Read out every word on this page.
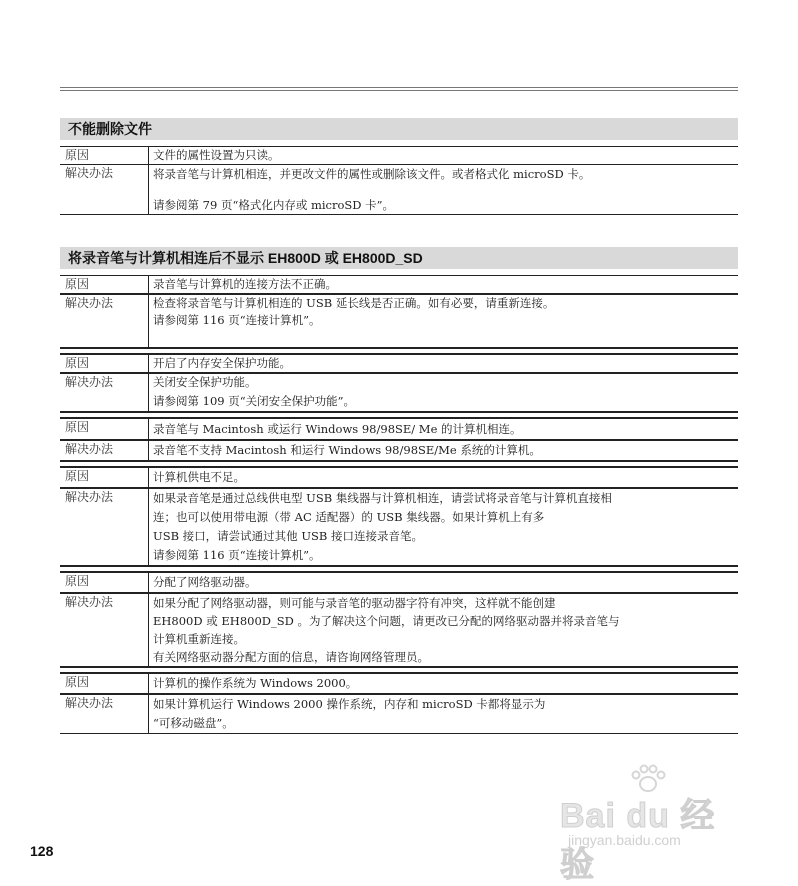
不能删除文件
原因	文件的属性设置为只读。
解决办法	将录音笔与计算机相连，并更改文件的属性或删除该文件。或者格式化 microSD 卡。
请参阅第 79 页“格式化内存或 microSD 卡”。
将录音笔与计算机相连后不显示 EH800D 或 EH800D_SD
原因	录音笔与计算机的连接方法不正确。
解决办法	检查将录音笔与计算机相连的 USB 延长线是否正确。如有必要，请重新连接。
请参阅第 116 页“连接计算机”。
原因	开启了内存安全保护功能。
解决办法	关闭安全保护功能。
请参阅第 109 页“关闭安全保护功能”。
原因	录音笔与 Macintosh 或运行 Windows 98/98SE/ Me 的计算机相连。
解决办法	录音笔不支持 Macintosh 和运行 Windows 98/98SE/Me 系统的计算机。
原因	计算机供电不足。
解决办法	如果录音笔是通过总线供电型 USB 集线器与计算机相连，请尝试将录音笔与计算机直接相
连；也可以使用带电源（带 AC 适配器）的 USB 集线器。如果计算机上有多
USB 接口，请尝试通过其他 USB 接口连接录音笔。
请参阅第 116 页“连接计算机”。
原因	分配了网络驱动器。
解决办法	如果分配了网络驱动器，则可能与录音笔的驱动器字符有冲突，这样就不能创建
EH800D 或 EH800D_SD 。为了解决这个问题，请更改已分配的网络驱动器并将录音笔与
计算机重新连接。
有关网络驱动器分配方面的信息，请咨询网络管理员。
原因	计算机的操作系统为 Windows 2000。
解决办法	如果计算机运行 Windows 2000 操作系统，内存和 microSD 卡都将显示为
“可移动磁盘”。
128
Bai du 经验
jingyan.baidu.com
